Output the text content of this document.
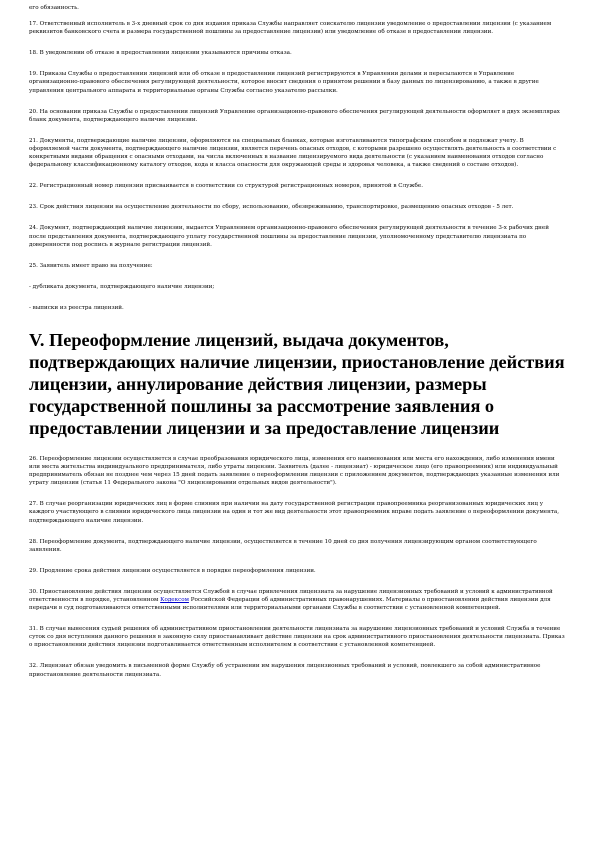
его обязанность.

17. Ответственный исполнитель в 3-х дневный срок со дня издания приказа Службы направляет соискателю лицензии уведомление о предоставлении лицензии (с указанием реквизитов банковского счета и размера государственной пошлины за предоставление лицензии) или уведомление об отказе в предоставлении лицензии.

18. В уведомлении об отказе в предоставлении лицензии указываются причины отказа.

19. Приказы Службы о предоставлении лицензий или об отказе в предоставлении лицензий регистрируются в Управлении делами и пересылаются в Управление организационно-правового обеспечения регулирующей деятельности, которое вносит сведения о принятом решении в базу данных по лицензированию, а также в другие управления центрального аппарата и территориальные органы Службы согласно указателю рассылки.

20. На основании приказа Службы о предоставлении лицензий Управление организационно-правового обеспечения регулирующей деятельности оформляет в двух экземплярах бланк документа, подтверждающего наличие лицензии.

21. Документы, подтверждающие наличие лицензии, оформляются на специальных бланках, которые изготавливаются типографским способом и подлежат учету. В оформляемой части документа, подтверждающего наличие лицензии, является перечень опасных отходов, с которыми разрешено осуществлять деятельность в соответствии с конкретными видами обращения с опасными отходами, на числа включенных в название лицензируемого вида деятельности (с указанием наименования отходов согласно федеральному классификационному каталогу отходов, кода и класса опасности для окружающей среды и здоровья человека, а также сведений о составе отходов).

22. Регистрационный номер лицензии присваивается в соответствии со структурой регистрационных номеров, принятой в Службе.

23. Срок действия лицензии на осуществление деятельности по сбору, использованию, обезвреживанию, транспортировке, размещению опасных отходов - 5 лет.

24. Документ, подтверждающий наличие лицензии, выдается Управлением организационно-правового обеспечения регулирующей деятельности в течение 3-х рабочих дней после представления документа, подтверждающего уплату государственной пошлины за предоставление лицензии, уполномоченному представителю лицензиата по доверенности под роспись в журнале регистрации лицензий.

25. Заявитель имеет право на получение:

- дубликата документа, подтверждающего наличие лицензии;

- выписки из реестра лицензий.

V. Переоформление лицензий, выдача документов, подтверждающих наличие лицензии, приостановление действия лицензии, аннулирование действия лицензии, размеры государственной пошлины за рассмотрение заявления о предоставлении лицензии и за предоставление лицензии

26. Переоформление лицензии осуществляется в случае преобразования юридического лица, изменения его наименования или места его нахождения, либо изменения имени или места жительства индивидуального предпринимателя, либо утраты лицензии. Заявитель (далее - лицензиат) - юридическое лицо (его правопреемник) или индивидуальный предприниматель обязан не позднее чем через 15 дней подать заявление о переоформлении лицензии с приложением документов, подтверждающих указанные изменения или утрату лицензии (статья 11 Федерального закона "О лицензировании отдельных видов деятельности").

27. В случае реорганизации юридических лиц в форме слияния при наличии на дату государственной регистрации правопреемника реорганизованных юридических лиц у каждого участвующего в слиянии юридического лица лицензии на один и тот же вид деятельности этот правопреемник вправе подать заявление о переоформлении документа, подтверждающего наличие лицензии.

28. Переоформление документа, подтверждающего наличие лицензии, осуществляется в течение 10 дней со дня получения лицензирующим органом соответствующего заявления.

29. Продление срока действия лицензии осуществляется в порядке переоформления лицензии.

30. Приостановление действия лицензии осуществляется Службой в случае привлечения лицензиата за нарушение лицензионных требований и условий к административной ответственности в порядке, установленном Кодексом Российской Федерации об административных правонарушениях. Материалы о приостановлении действия лицензии для передачи в суд подготавливаются ответственными исполнителями или территориальными органами Службы в соответствии с установленной компетенцией.

31. В случае вынесения судьей решения об административном приостановлении деятельности лицензиата за нарушение лицензионных требований и условий Служба в течение суток со дня вступления данного решения в законную силу приостанавливает действие лицензии на срок административного приостановления деятельности лицензиата. Приказ о приостановлении действия лицензии подготавливается ответственным исполнителем в соответствии с установленной компетенцией.

32. Лицензиат обязан уведомить в письменной форме Службу об устранении им нарушения лицензионных требований и условий, повлекшего за собой административное приостановление деятельности лицензиата.
